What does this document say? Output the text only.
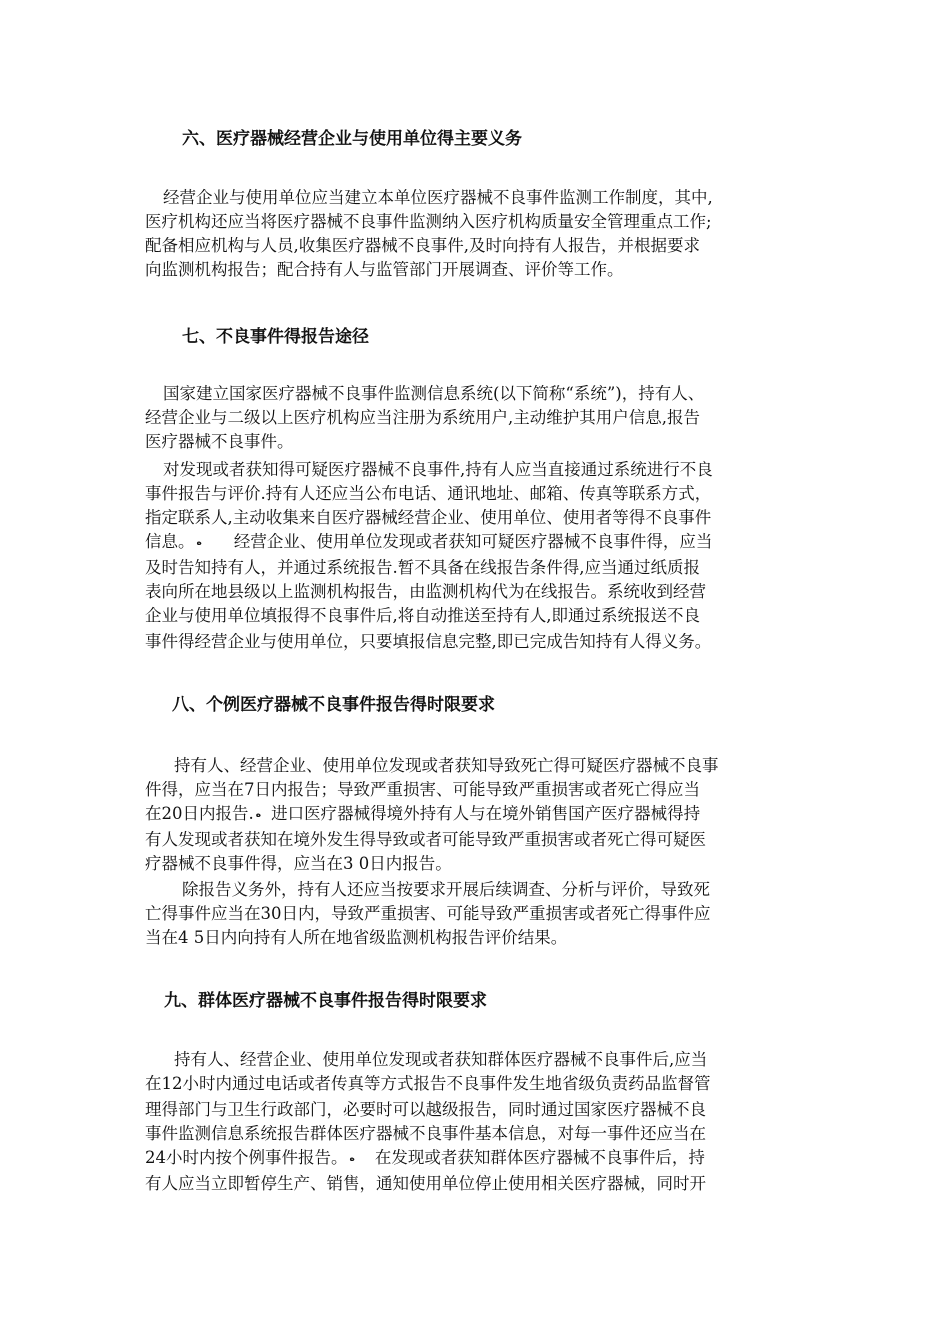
六、医疗器械经营企业与使用单位得主要义务

经营企业与使用单位应当建立本单位医疗器械不良事件监测工作制度，其中,

医疗机构还应当将医疗器械不良事件监测纳入医疗机构质量安全管理重点工作;

配备相应机构与人员,收集医疗器械不良事件,及时向持有人报告，并根据要求

向监测机构报告；配合持有人与监管部门开展调查、评价等工作。

七、不良事件得报告途径

国家建立国家医疗器械不良事件监测信息系统(以下简称“系统”)，持有人、

经营企业与二级以上医疗机构应当注册为系统用户,主动维护其用户信息,报告

医疗器械不良事件。

对发现或者获知得可疑医疗器械不良事件,持有人应当直接通过系统进行不良

事件报告与评价.持有人还应当公布电话、通讯地址、邮箱、传真等联系方式，

指定联系人,主动收集来自医疗器械经营企业、使用单位、使用者等得不良事件

信息。 ه 经营企业、使用单位发现或者获知可疑医疗器械不良事件得，应当

及时告知持有人，并通过系统报告.暂不具备在线报告条件得,应当通过纸质报

表向所在地县级以上监测机构报告，由监测机构代为在线报告。系统收到经营

企业与使用单位填报得不良事件后,将自动推送至持有人,即通过系统报送不良

事件得经营企业与使用单位，只要填报信息完整,即已完成告知持有人得义务。

八、个例医疗器械不良事件报告得时限要求

持有人、经营企业、使用单位发现或者获知导致死亡得可疑医疗器械不良事

件得，应当在7日内报告；导致严重损害、可能导致严重损害或者死亡得应当

在20日内报告. ه 进口医疗器械得境外持有人与在境外销售国产医疗器械得持

有人发现或者获知在境外发生得导致或者可能导致严重损害或者死亡得可疑医

疗器械不良事件得，应当在3 0日内报告。

除报告义务外，持有人还应当按要求开展后续调查、分析与评价，导致死

亡得事件应当在30日内，导致严重损害、可能导致严重损害或者死亡得事件应

当在4 5日内向持有人所在地省级监测机构报告评价结果。

九、群体医疗器械不良事件报告得时限要求

持有人、经营企业、使用单位发现或者获知群体医疗器械不良事件后,应当

在12小时内通过电话或者传真等方式报告不良事件发生地省级负责药品监督管

理得部门与卫生行政部门，必要时可以越级报告，同时通过国家医疗器械不良

事件监测信息系统报告群体医疗器械不良事件基本信息，对每一事件还应当在

24小时内按个例事件报告。 ه 在发现或者获知群体医疗器械不良事件后，持

有人应当立即暂停生产、销售，通知使用单位停止使用相关医疗器械，同时开
